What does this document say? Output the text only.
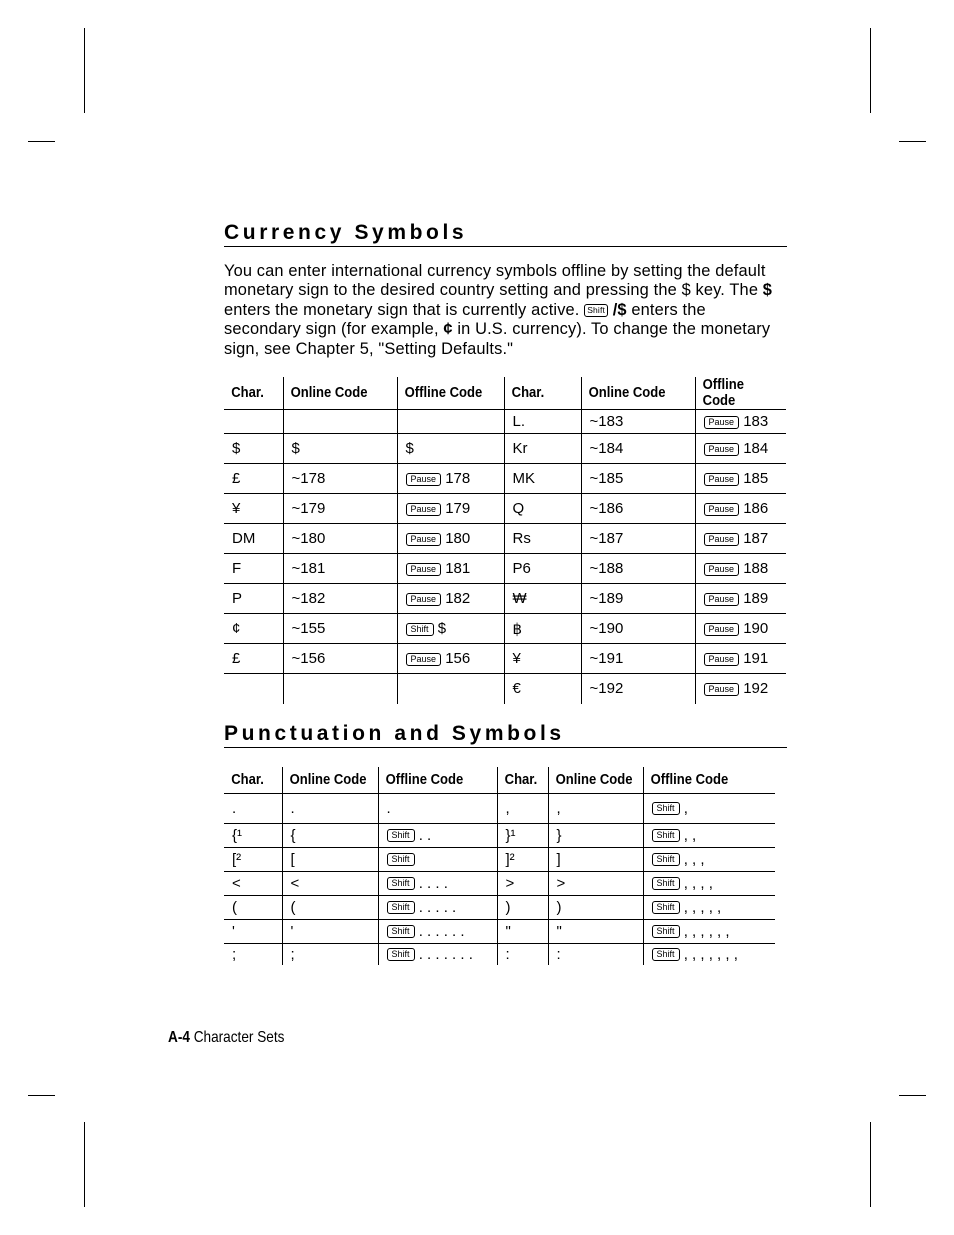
Currency Symbols

You can enter international currency symbols offline by setting the default monetary sign to the desired country setting and pressing the $ key. The $ enters the monetary sign that is currently active. Shift /$ enters the secondary sign (for example, ¢ in U.S. currency). To change the monetary sign, see Chapter 5, "Setting Defaults."

Char.	Online Code	Offline Code	Char.	Online Code	Offline Code
			L.	~183	Pause 183
$	$	$	Kr	~184	Pause 184
£	~178	Pause 178	MK	~185	Pause 185
¥	~179	Pause 179	Q	~186	Pause 186
DM	~180	Pause 180	Rs	~187	Pause 187
F	~181	Pause 181	P6	~188	Pause 188
P	~182	Pause 182	₩	~189	Pause 189
¢	~155	Shift $	฿	~190	Pause 190
£	~156	Pause 156	¥	~191	Pause 191
			€	~192	Pause 192
Punctuation and Symbols
Char.	Online Code	Offline Code	Char.	Online Code	Offline Code
.	.	.	,	,	Shift ,
{¹	{	Shift . .	}¹	}	Shift , ,
[²	[	Shift	]²	]	Shift , , ,
<	<	Shift . . . .	>	>	Shift , , , ,
(	(	Shift . . . . .	)	)	Shift , , , , ,
'	'	Shift . . . . . .	"	"	Shift , , , , , ,
;	;	Shift . . . . . . .	:	:	Shift , , , , , , ,
A-4 Character Sets
